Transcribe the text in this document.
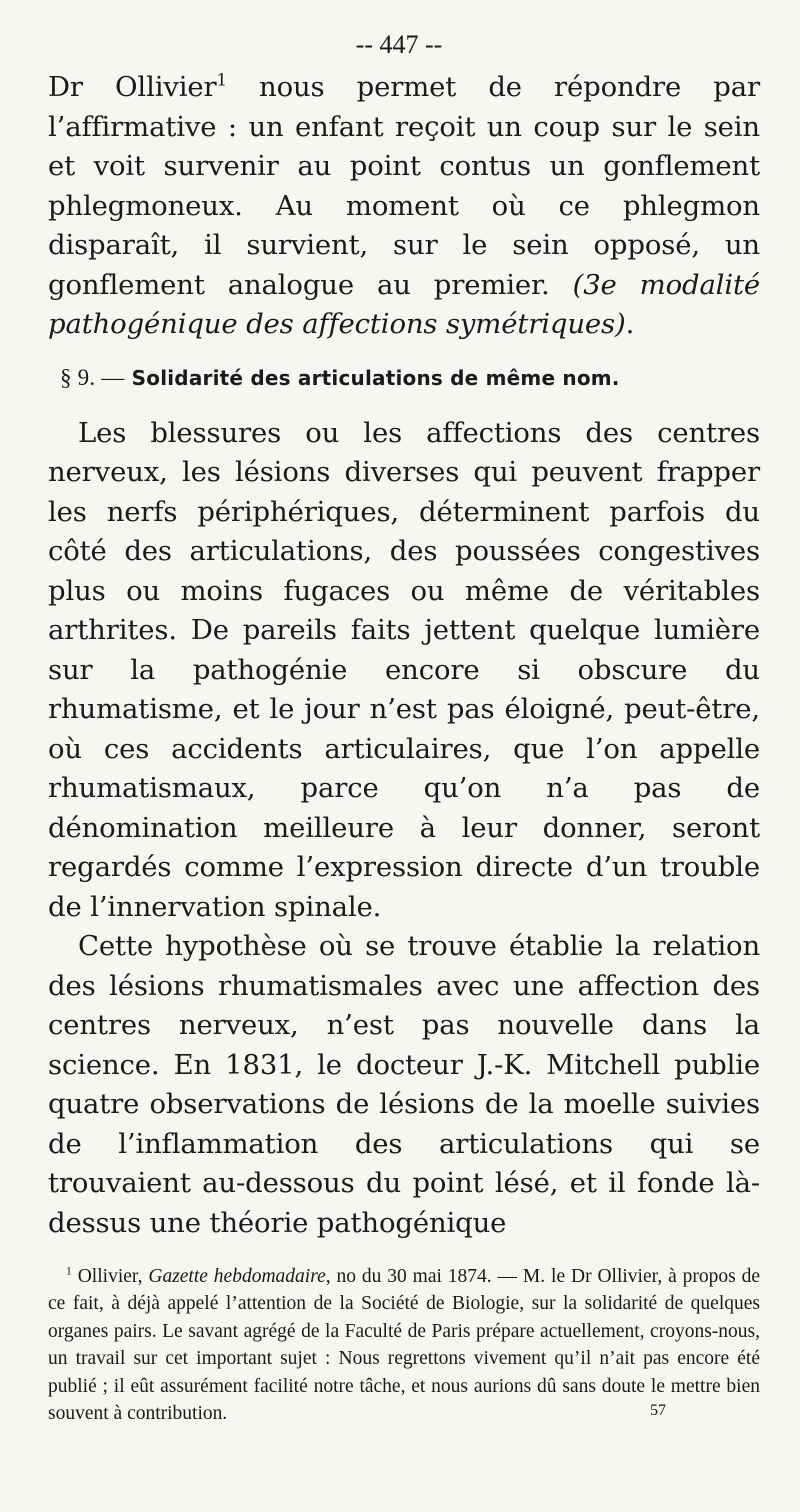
-- 447 --

Dr Ollivier$^1$ nous permet de répondre par l’affirmative : un enfant reçoit un coup sur le sein et voit survenir au point contus un gonflement phlegmoneux. Au moment où ce phlegmon disparaît, il survient, sur le sein opposé, un gonflement analogue au premier. (3e modalité pathogénique des affections symétriques).

§ 9. — Solidarité des articulations de même nom.

Les blessures ou les affections des centres nerveux, les lésions diverses qui peuvent frapper les nerfs périphériques, déterminent parfois du côté des articulations, des poussées congestives plus ou moins fugaces ou même de véritables arthrites. De pareils faits jettent quelque lumière sur la pathogénie encore si obscure du rhumatisme, et le jour n’est pas éloigné, peut-être, où ces accidents articulaires, que l’on appelle rhumatismaux, parce qu’on n’a pas de dénomination meilleure à leur donner, seront regardés comme l’expression directe d’un trouble de l’innervation spinale.

Cette hypothèse où se trouve établie la relation des lésions rhumatismales avec une affection des centres nerveux, n’est pas nouvelle dans la science. En 1831, le docteur J.-K. Mitchell publie quatre observations de lésions de la moelle suivies de l’inflammation des articulations qui se trouvaient au-dessous du point lésé, et il fonde là-dessus une théorie pathogénique

$^1$ Ollivier, Gazette hebdomadaire, no du 30 mai 1874. — M. le Dr Ollivier, à propos de ce fait, à déjà appelé l’attention de la Société de Biologie, sur la solidarité de quelques organes pairs. Le savant agrégé de la Faculté de Paris prépare actuellement, croyons-nous, un travail sur cet important sujet : Nous regrettons vivement qu’il n’ait pas encore été publié ; il eût assurément facilité notre tâche, et nous aurions dû sans doute le mettre bien souvent à contribution.	57
